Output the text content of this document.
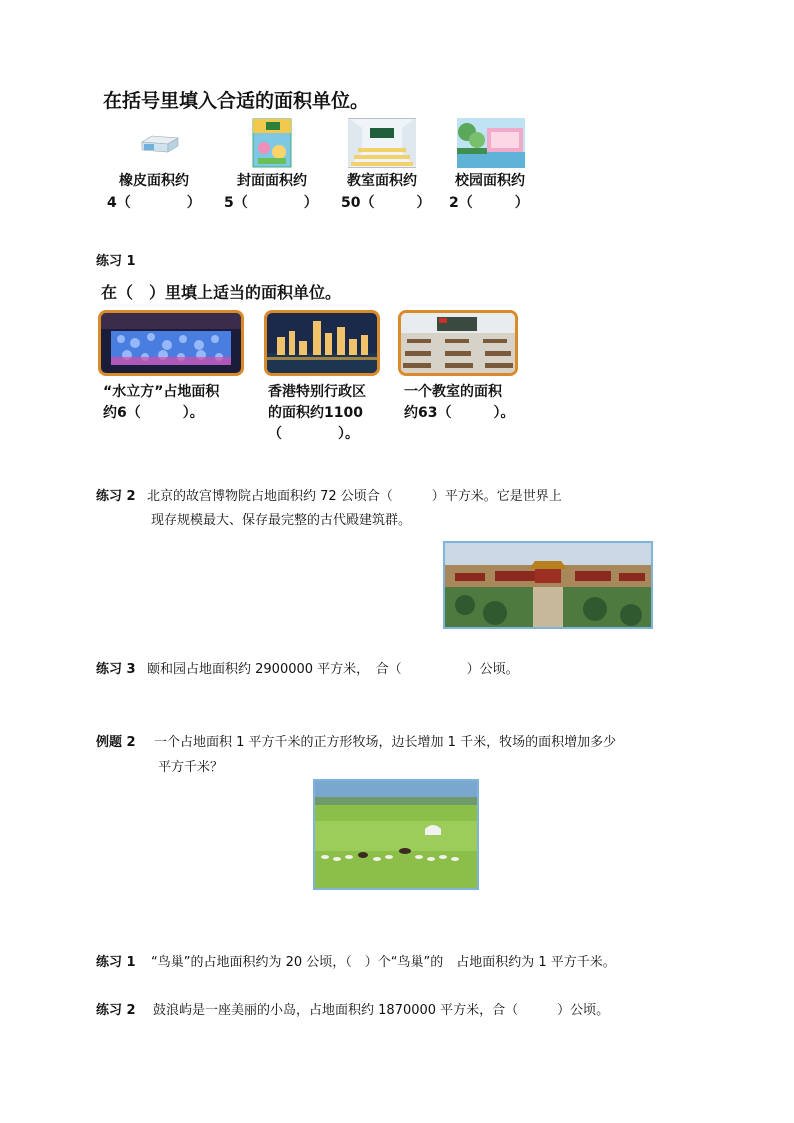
在括号里填入合适的面积单位。
橡皮面积约	封面面积约	教室面积约	校园面积约
4（　　　　） 5（　　　　） 50（　　　） 2（　　　）
练习 1
在（　）里填上适当的面积单位。
“水立方”占地面积
约6（　　　）。
香港特别行政区
的面积约1100
（　　　　）。
一个教室的面积
约63（　　　）。
练习 2 北京的故宫博物院占地面积约 72 公顷合（　　　）平方米。它是世界上
现存规模最大、保存最完整的古代殿建筑群。
练习 3 颐和园占地面积约 2900000 平方米，　合（　　　　　）公顷。
例题 2 一个占地面积 1 平方千米的正方形牧场，边长增加 1 千米，牧场的面积增加多少
平方千米？
练习 1 “鸟巢”的占地面积约为 20 公顷，（　）个“鸟巢”的　占地面积约为 1 平方千米。
练习 2 鼓浪屿是一座美丽的小岛，占地面积约 1870000 平方米，合（　　　）公顷。
